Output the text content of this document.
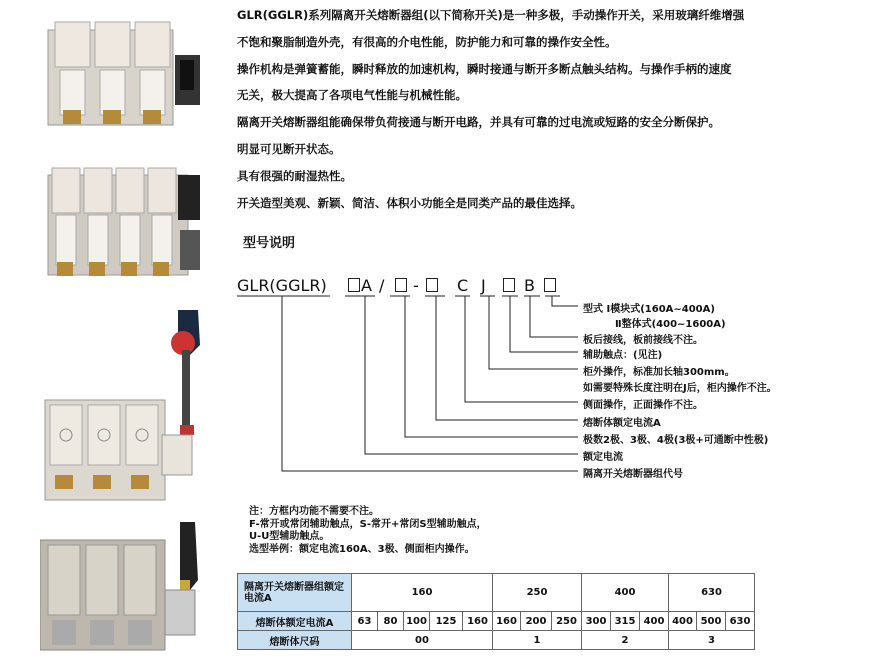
GLR(GGLR)系列隔离开关熔断器组(以下简称开关)是一种多极，手动操作开关，采用玻璃纤维增强

不饱和聚脂制造外壳，有很高的介电性能，防护能力和可靠的操作安全性。

操作机构是弹簧蓄能，瞬时释放的加速机构，瞬时接通与断开多断点触头结构。与操作手柄的速度

无关，极大提高了各项电气性能与机械性能。

隔离开关熔断器组能确保带负荷接通与断开电路，并具有可靠的过电流或短路的安全分断保护。

明显可见断开状态。

具有很强的耐湿热性。

开关造型美观、新颖、简洁、体积小功能全是同类产品的最佳选择。

型号说明
GLR(GGLR) A / - C J B
型式 Ⅰ模块式(160A~400A)
Ⅱ整体式(400~1600A)
板后接线，板前接线不注。
辅助触点：(见注)
柜外操作，标准加长轴300mm。
如需要特殊长度注明在J后，柜内操作不注。
侧面操作，正面操作不注。
熔断体额定电流A
极数2极、3极、4极(3极+可通断中性极)
额定电流
隔离开关熔断器组代号

注：方框内功能不需要不注。

F-常开或常闭辅助触点，S-常开+常闭S型辅助触点，

U-U型辅助触点。

选型举例：额定电流160A、3极、侧面柜内操作。

隔离开关熔断器组额定电流A	160					250			400			630		
熔断体额定电流A	63	80	100	125	160	160	200	250	300	315	400	400	500	630
熔断体尺码	00					1			2			3		
